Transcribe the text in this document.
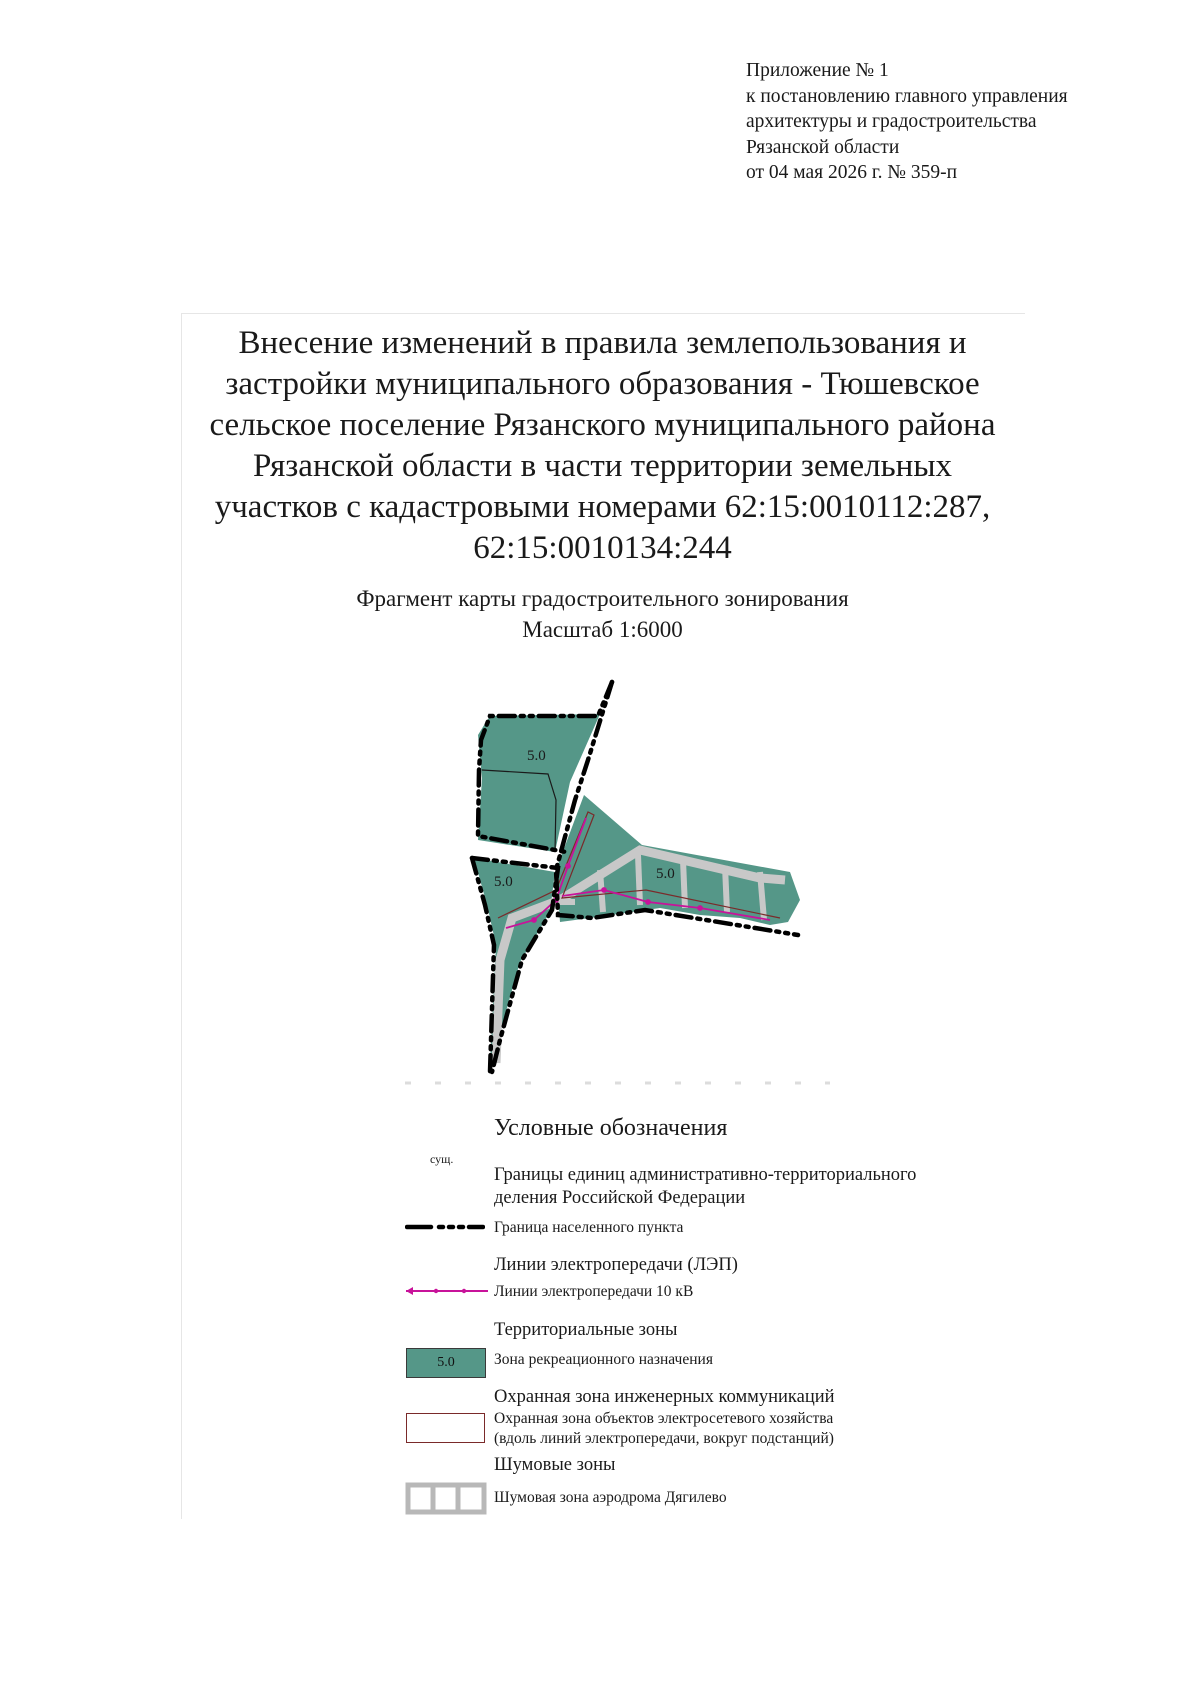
Приложение № 1
к постановлению главного управления
архитектуры и градостроительства
Рязанской области
от 04 мая 2026 г. № 359-п
Внесение изменений в правила землепользования и
застройки муниципального образования - Тюшевское
сельское поселение Рязанского муниципального района
Рязанской области в части территории земельных
участков с кадастровыми номерами 62:15:0010112:287,
62:15:0010134:244
Фрагмент карты градостроительного зонирования
Масштаб 1:6000
5.0
5.0	5.0
Условные обозначения
сущ.
Границы единиц административно-территориального
деления Российской Федерации
Граница населенного пункта
Линии электропередачи (ЛЭП)
Линии электропередачи 10 кВ
Территориальные зоны
5.0	Зона рекреационного назначения
Охранная зона инженерных коммуникаций
Охранная зона объектов электросетевого хозяйства
(вдоль линий электропередачи, вокруг подстанций)
Шумовые зоны
Шумовая зона аэродрома Дягилево
